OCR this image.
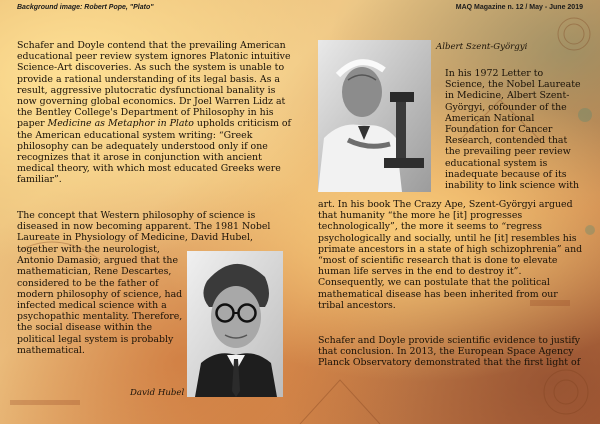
Background image: Robert Pope, "Plato"	MAQ Magazine n. 12 / May - June 2019

Schafer and Doyle contend that the prevailing American educational peer review system ignores Platonic intuitive Science-Art discoveries. As such the system is unable to provide a rational understanding of its legal basis. As a result, aggressive plutocratic dysfunctional banality is now governing global economics. Dr Joel Warren Lidz at the Bentley College's Department of Philosophy in his paper Medicine as Metaphor in Plato upholds criticism of the American educational system writing: “Greek philosophy can be adequately understood only if one recognizes that it arose in conjunction with ancient medical theory, with which most educated Greeks were familiar”.

The concept that Western philosophy of science is diseased in now becoming apparent. The 1981 Nobel Laureate in Physiology of Medicine, David Hubel,

together with the neurologist, Antonio Damasio, argued that the mathematician, Rene Descartes, considered to be the father of modern philosophy of science, had infected medical science with a psychopathic mentality. Therefore, the social disease within the political legal system is probably mathematical.

David Hubel
Albert Szent-Györgyi

In his 1972 Letter to Science, the Nobel Laureate in Medicine, Albert Szent-Györgyi, cofounder of the American National Foundation for Cancer Research, contended that the prevailing peer review educational system is inadequate because of its inability to link science with

art. In his book The Crazy Ape, Szent-Györgyi argued that humanity “the more he [it] progresses technologically”, the more it seems to “regress psychologically and socially, until he [it] resembles his primate ancestors in a state of high schizophrenia” and “most of scientific research that is done to elevate human life serves in the end to destroy it”. Consequently, we can postulate that the political mathematical disease has been inherited from our tribal ancestors.

Schafer and Doyle provide scientific evidence to justify that conclusion. In 2013, the European Space Agency Planck Observatory demonstrated that the first light of
